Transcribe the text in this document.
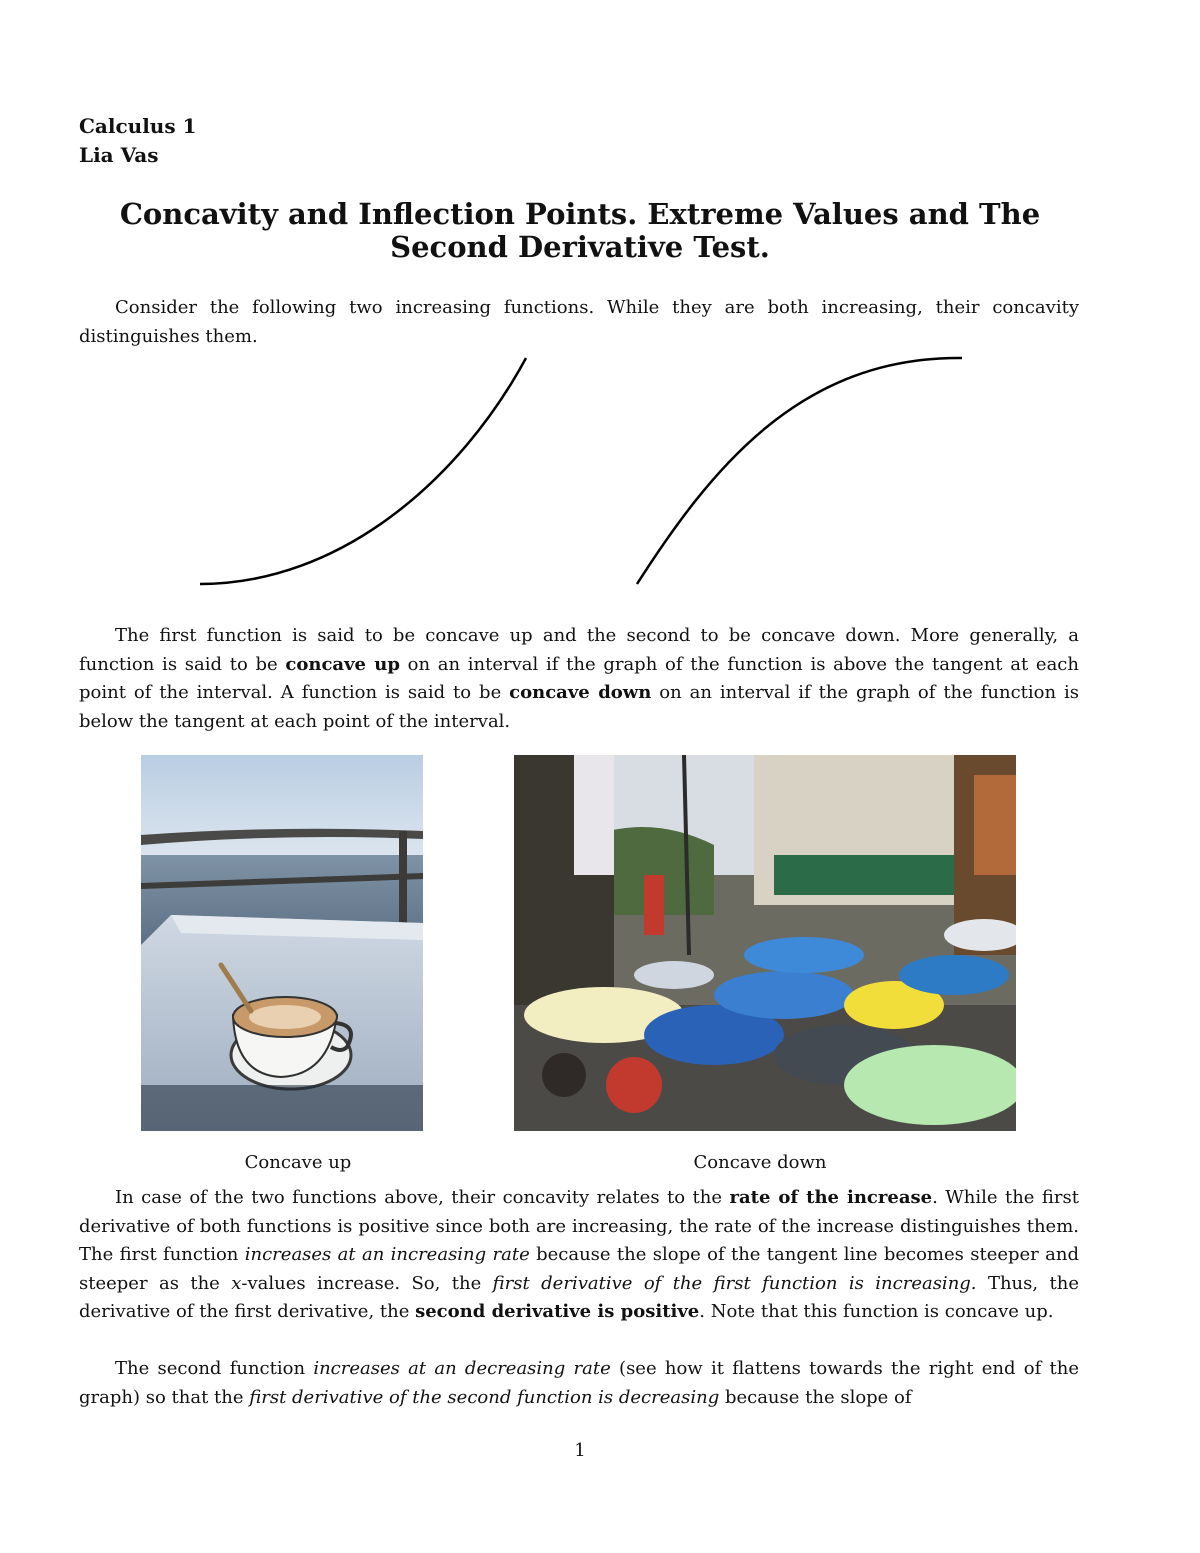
Calculus 1
Lia Vas
Concavity and Inflection Points. Extreme Values and The
Second Derivative Test.
Consider the following two increasing functions. While they are both increasing, their concavity distinguishes them.
The first function is said to be concave up and the second to be concave down. More generally, a function is said to be concave up on an interval if the graph of the function is above the tangent at each point of the interval. A function is said to be concave down on an interval if the graph of the function is below the tangent at each point of the interval.
Concave up	Concave down
In case of the two functions above, their concavity relates to the rate of the increase. While the first derivative of both functions is positive since both are increasing, the rate of the increase distinguishes them. The first function increases at an increasing rate because the slope of the tangent line becomes steeper and steeper as the x-values increase. So, the first derivative of the first function is increasing. Thus, the derivative of the first derivative, the second derivative is positive. Note that this function is concave up.
The second function increases at an decreasing rate (see how it flattens towards the right end of the graph) so that the first derivative of the second function is decreasing because the slope of
1
